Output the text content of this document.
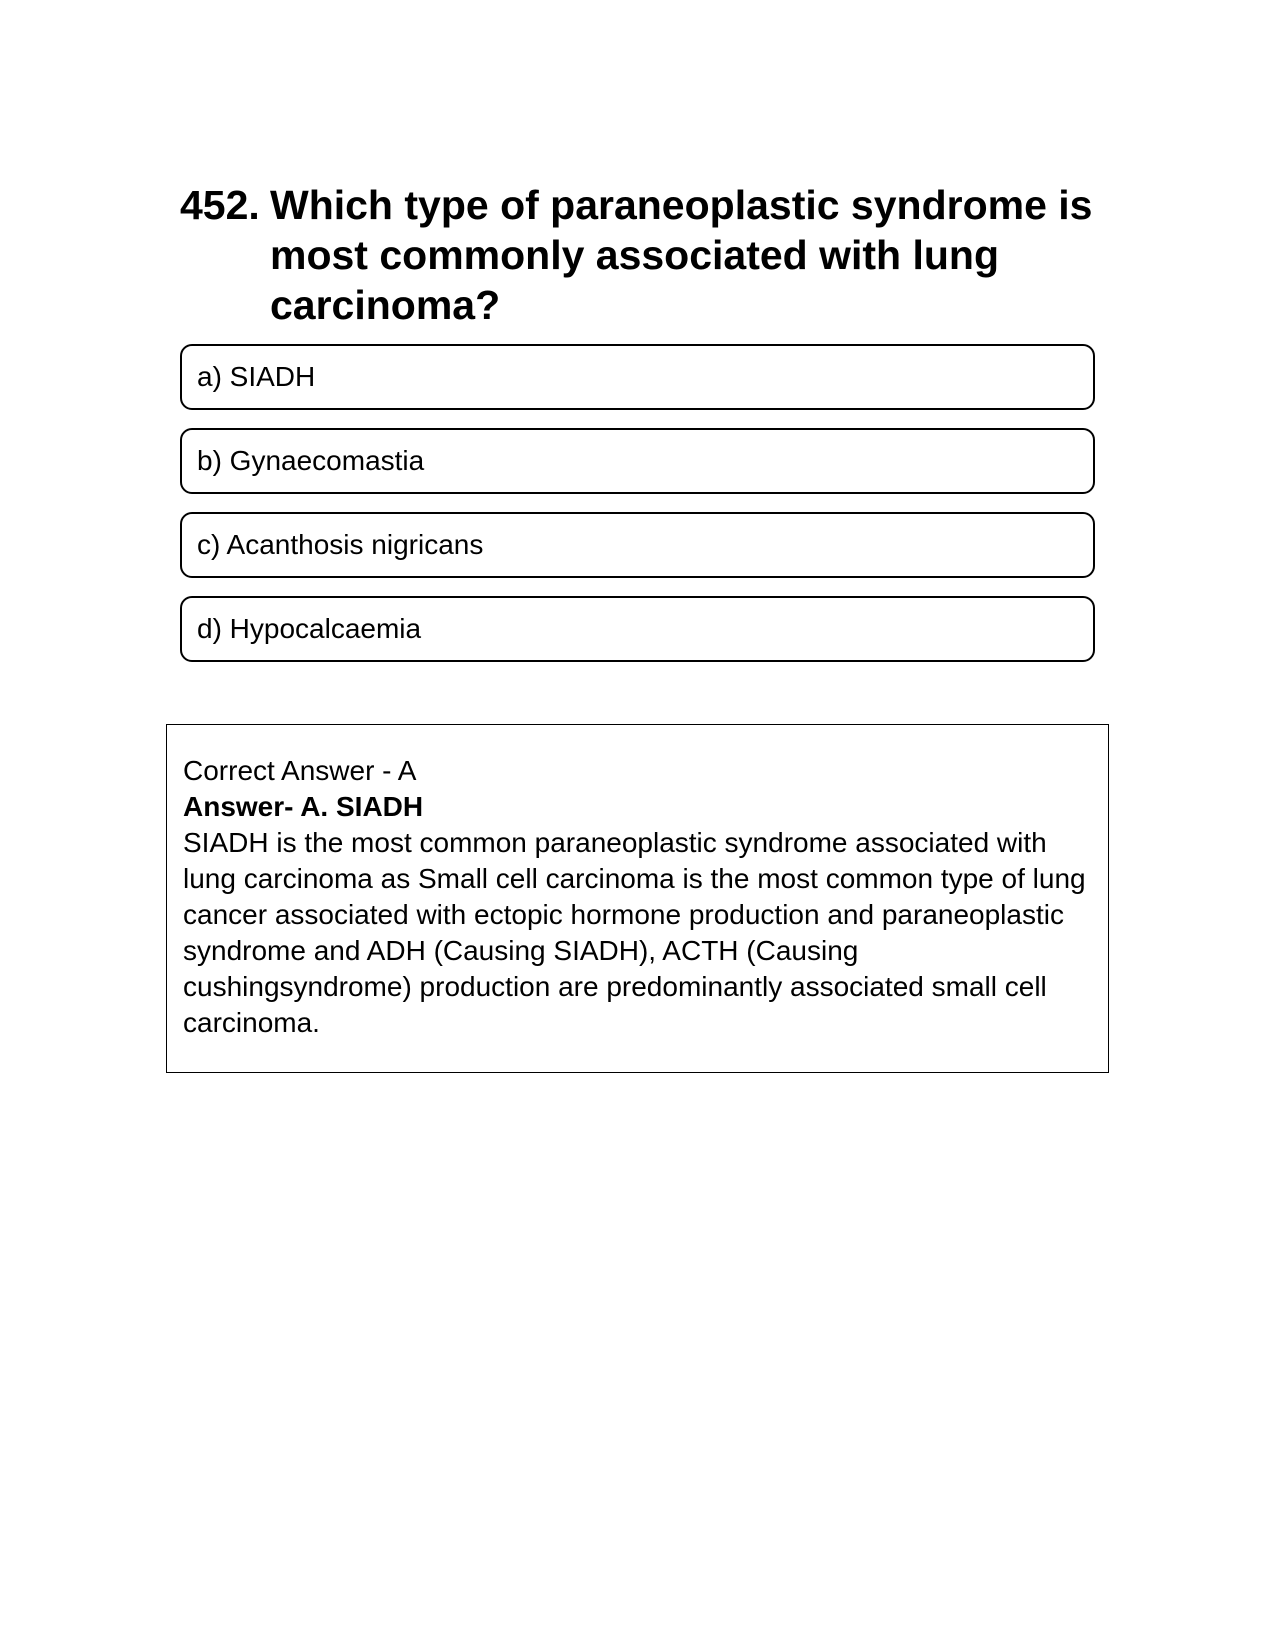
452. Which type of paraneoplastic syndrome is most commonly associated with lung carcinoma?
a) SIADH
b) Gynaecomastia
c) Acanthosis nigricans
d) Hypocalcaemia
Correct Answer - A
Answer- A. SIADH
SIADH is the most common paraneoplastic syndrome associated with lung carcinoma as Small cell carcinoma is the most common type of lung cancer associated with ectopic hormone production and paraneoplastic syndrome and ADH (Causing SIADH), ACTH (Causing cushingsyndrome) production are predominantly associated small cell carcinoma.
